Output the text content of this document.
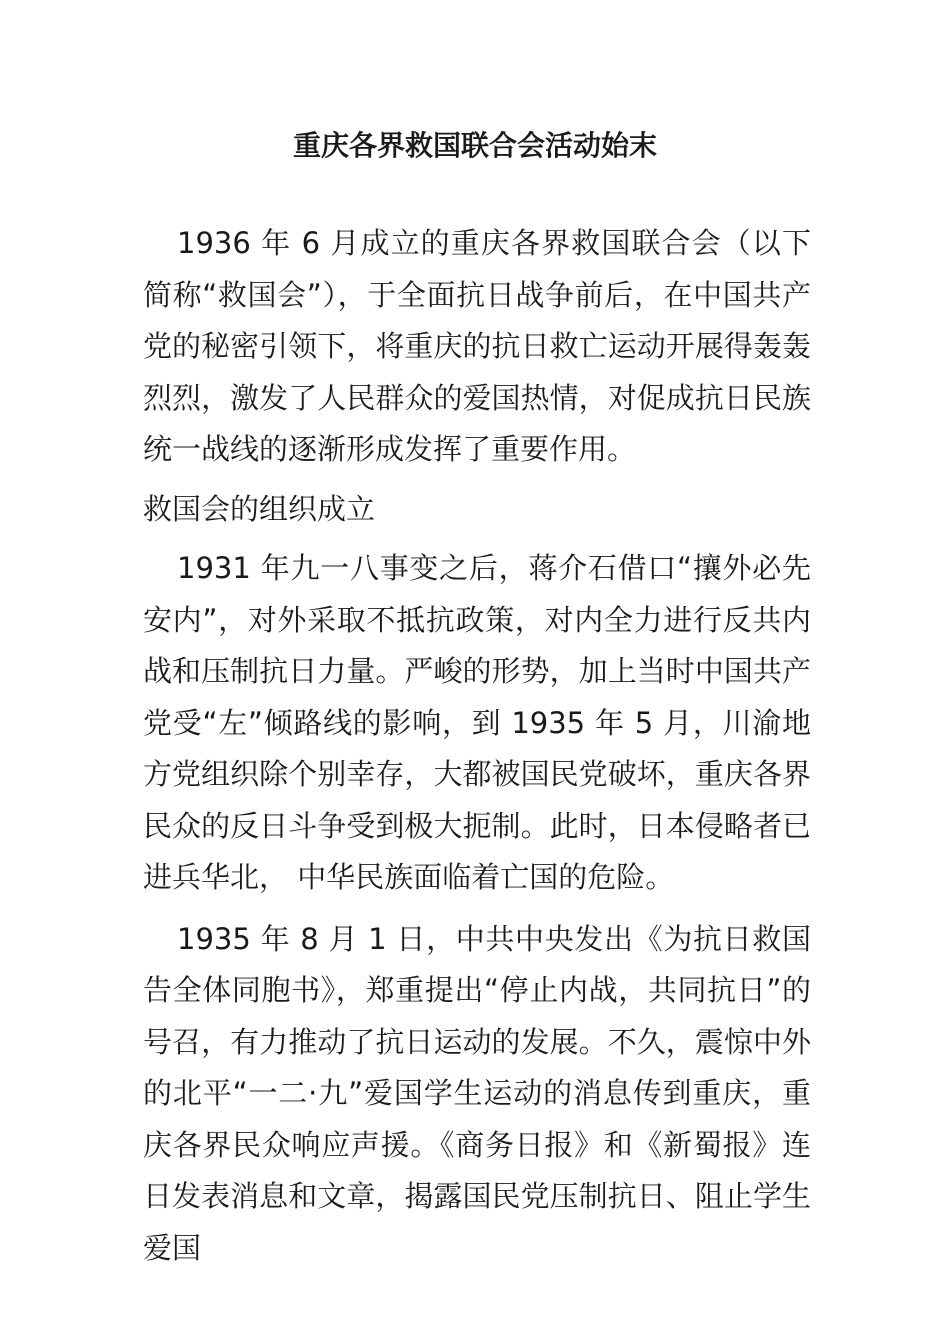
重庆各界救国联合会活动始末

1936 年 6 月成立的重庆各界救国联合会（以下简称“救国会”），于全面抗日战争前后，在中国共产党的秘密引领下，将重庆的抗日救亡运动开展得轰轰烈烈，激发了人民群众的爱国热情，对促成抗日民族统一战线的逐渐形成发挥了重要作用。

救国会的组织成立

1931 年九一八事变之后，蒋介石借口“攘外必先安内”，对外采取不抵抗政策，对内全力进行反共内战和压制抗日力量。严峻的形势，加上当时中国共产党受“左”倾路线的影响，到 1935 年 5 月，川渝地方党组织除个别幸存，大都被国民党破坏，重庆各界民众的反日斗争受到极大扼制。此时，日本侵略者已进兵华北， 中华民族面临着亡国的危险。

1935 年 8 月 1 日，中共中央发出《为抗日救国告全体同胞书》，郑重提出“停止内战，共同抗日”的号召，有力推动了抗日运动的发展。不久，震惊中外的北平“一二·九”爱国学生运动的消息传到重庆，重庆各界民众响应声援。《商务日报》和《新蜀报》连日发表消息和文章，揭露国民党压制抗日、阻止学生爱国
